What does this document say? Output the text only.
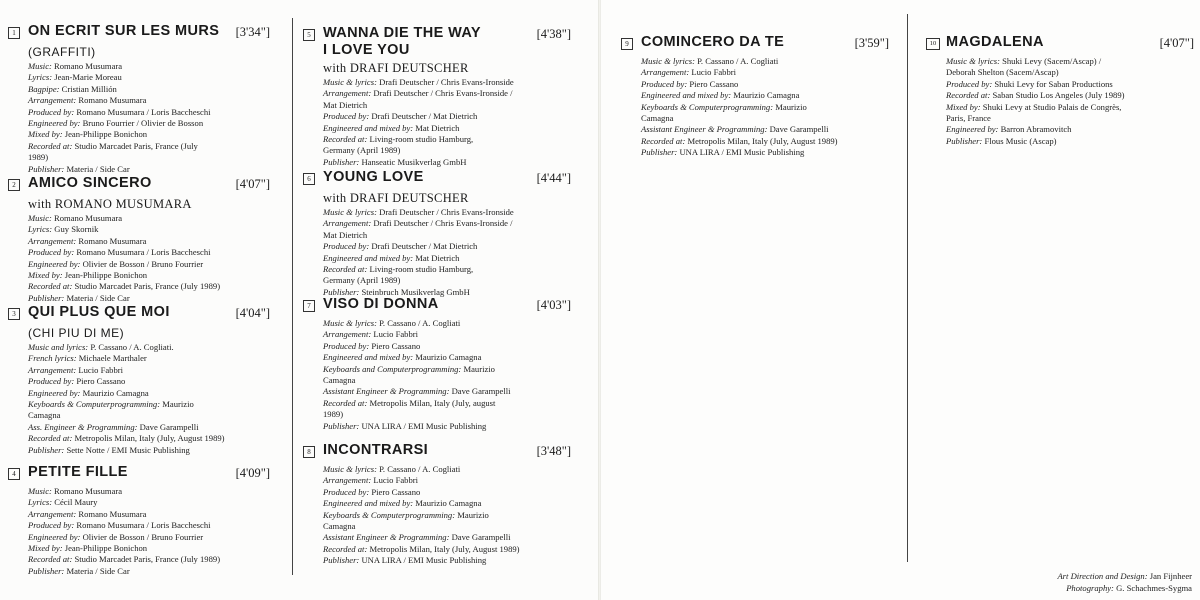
1 ON ECRIT SUR LES MURS [3'34"]
(GRAFFITI)
Music: Romano Musumara
Lyrics: Jean-Marie Moreau
Bagpipe: Cristian Millión
Arrangement: Romano Musumara
Produced by: Romano Musumara / Loris Baccheschi
Engineered by: Bruno Fourrier / Olivier de Bosson
Mixed by: Jean-Philippe Bonichon
Recorded at: Studio Marcadet Paris, France (July
1989)
Publisher: Materia / Side Car
2 AMICO SINCERO	[4'07"]
with ROMANO MUSUMARA
Music: Romano Musumara
Lyrics: Guy Skornik
Arrangement: Romano Musumara
Produced by: Romano Musumara / Loris Baccheschi
Engineered by: Olivier de Bosson / Bruno Fourrier
Mixed by: Jean-Philippe Bonichon
Recorded at: Studio Marcadet Paris, France (July 1989)
Publisher: Materia / Side Car
3 QUI PLUS QUE MOI	[4'04"]
(CHI PIU DI ME)
Music and lyrics: P. Cassano / A. Cogliati.
French lyrics: Michaele Marthaler
Arrangement: Lucio Fabbri
Produced by: Piero Cassano
Engineered by: Maurizio Camagna
Keyboards & Computerprogramming: Maurizio
Camagna
Ass. Engineer & Programming: Dave Garampelli
Recorded at: Metropolis Milan, Italy (July, August 1989)
Publisher: Sette Notte / EMI Music Publishing
4 PETITE FILLE	[4'09"]
Music: Romano Musumara
Lyrics: Cécil Maury
Arrangement: Romano Musumara
Produced by: Romano Musumara / Loris Baccheschi
Engineered by: Olivier de Bosson / Bruno Fourrier
Mixed by: Jean-Philippe Bonichon
Recorded at: Studio Marcadet Paris, France (July 1989)
Publisher: Materia / Side Car
5 WANNA DIE THE WAY	[4'38"]
I LOVE YOU
with DRAFI DEUTSCHER
Music & lyrics: Drafi Deutscher / Chris Evans-Ironside
Arrangement: Drafi Deutscher / Chris Evans-Ironside /
Mat Dietrich
Produced by: Drafi Deutscher / Mat Dietrich
Engineered and mixed by: Mat Dietrich
Recorded at: Living-room studio Hamburg,
Germany (April 1989)
Publisher: Hanseatic Musikverlag GmbH
6 YOUNG LOVE	[4'44"]
with DRAFI DEUTSCHER
Music & lyrics: Drafi Deutscher / Chris Evans-Ironside
Arrangement: Drafi Deutscher / Chris Evans-Ironside /
Mat Dietrich
Produced by: Drafi Deutscher / Mat Dietrich
Engineered and mixed by: Mat Dietrich
Recorded at: Living-room studio Hamburg,
Germany (April 1989)
Publisher: Steinbruch Musikverlag GmbH
7 VISO DI DONNA	[4'03"]
Music & lyrics: P. Cassano / A. Cogliati
Arrangement: Lucio Fabbri
Produced by: Piero Cassano
Engineered and mixed by: Maurizio Camagna
Keyboards and Computerprogramming: Maurizio
Camagna
Assistant Engineer & Programming: Dave Garampelli
Recorded at: Metropolis Milan, Italy (July, august
1989)
Publisher: UNA LIRA / EMI Music Publishing
8 INCONTRARSI	[3'48"]
Music & lyrics: P. Cassano / A. Cogliati
Arrangement: Lucio Fabbri
Produced by: Piero Cassano
Engineered and mixed by: Maurizio Camagna
Keyboards & Computerprogramming: Maurizio
Camagna
Assistant Engineer & Programming: Dave Garampelli
Recorded at: Metropolis Milan, Italy (July, August 1989)
Publisher: UNA LIRA / EMI Music Publishing
9 COMINCERO DA TE	[3'59"]
Music & lyrics: P. Cassano / A. Cogliati
Arrangement: Lucio Fabbri
Produced by: Piero Cassano
Engineered and mixed by: Maurizio Camagna
Keyboards & Computerprogramming: Maurizio
Camagna
Assistant Engineer & Programming: Dave Garampelli
Recorded at: Metropolis Milan, Italy (July, August 1989)
Publisher: UNA LIRA / EMI Music Publishing
10 MAGDALENA	[4'07"]
Music & lyrics: Shuki Levy (Sacem/Ascap) /
Deborah Shelton (Sacem/Ascap)
Produced by: Shuki Levy for Saban Productions
Recorded at: Saban Studio Los Angeles (July 1989)
Mixed by: Shuki Levy at Studio Palais de Congrès,
Paris, France
Engineered by: Barron Abramovitch
Publisher: Flous Music (Ascap)
Art Direction and Design: Jan Fijnheer
Photography: G. Schachmes-Sygma
